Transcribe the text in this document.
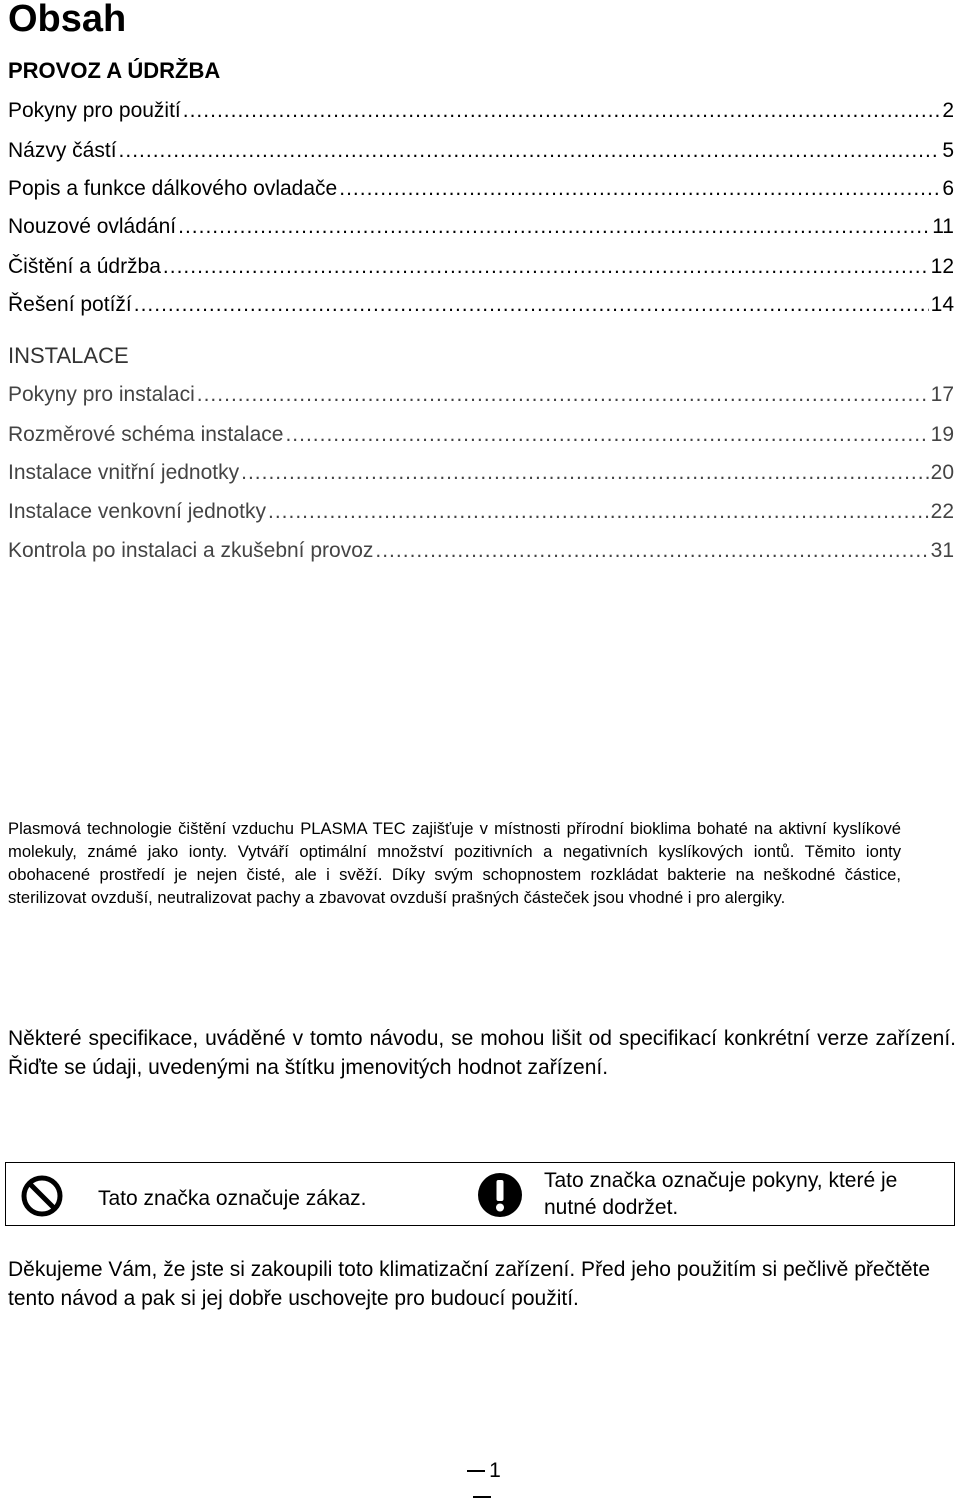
Obsah
PROVOZ A ÚDRŽBA
Pokyny pro použití .....	2
Názvy částí .....	5
Popis a funkce dálkového ovladače .....	6
Nouzové ovládání .....	11
Čištění a údržba .....	12
Řešení potíží .....	14
INSTALACE
Pokyny pro instalaci .....	17
Rozměrové schéma instalace .....	19
Instalace vnitřní jednotky .....	20
Instalace venkovní jednotky .....	22
Kontrola po instalaci a zkušební provoz .....	31
Plasmová technologie čištění vzduchu PLASMA TEC zajišťuje v místnosti přírodní bioklima bohaté na aktivní kyslíkové molekuly, známé jako ionty. Vytváří optimální množství pozitivních a negativních kyslíkových iontů. Těmito ionty obohacené prostředí je nejen čisté, ale i svěží. Díky svým schopnostem rozkládat bakterie na neškodné částice, sterilizovat ovzduší, neutralizovat pachy a zbavovat ovzduší prašných částeček jsou vhodné i pro alergiky.
Některé specifikace, uváděné v tomto návodu, se mohou lišit od specifikací konkrétní verze zařízení. Řiďte se údaji, uvedenými na štítku jmenovitých hodnot zařízení.
Tato značka označuje zákaz.
Tato značka označuje pokyny, které je nutné dodržet.
Děkujeme Vám, že jste si zakoupili toto klimatizační zařízení. Před jeho použitím si pečlivě přečtěte tento návod a pak si jej dobře uschovejte pro budoucí použití.
1
